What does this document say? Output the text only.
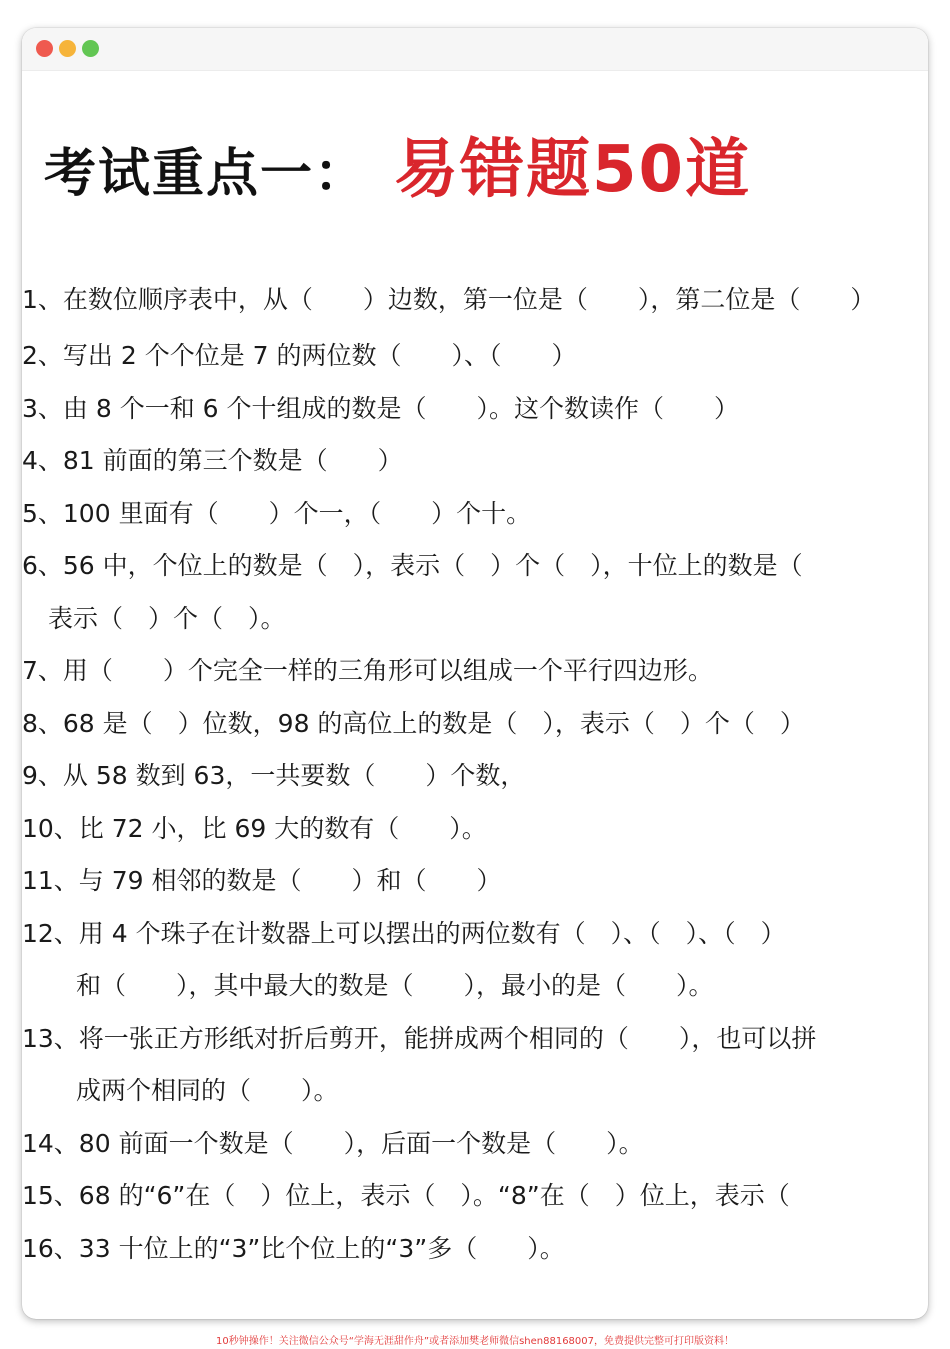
考试重点一： 易错题50道
1、在数位顺序表中，从（　　）边数，第一位是（　　），第二位是（　　）
2、写出 2 个个位是 7 的两位数（　　）、（　　）
3、由 8 个一和 6 个十组成的数是（　　）。这个数读作（　　）
4、81 前面的第三个数是（　　）
5、100 里面有（　　）个一，（　　）个十。
6、56 中，个位上的数是（　），表示（　）个（　），十位上的数是（
表示（　）个（　）。
7、用（　　）个完全一样的三角形可以组成一个平行四边形。
8、68 是（　）位数，98 的高位上的数是（　），表示（　）个（　）
9、从 58 数到 63，一共要数（　　）个数，
10、比 72 小，比 69 大的数有（　　）。
11、与 79 相邻的数是（　　）和（　　）
12、用 4 个珠子在计数器上可以摆出的两位数有（　）、（　）、（　）
和（　　），其中最大的数是（　　），最小的是（　　）。
13、将一张正方形纸对折后剪开，能拼成两个相同的（　　），也可以拼
成两个相同的（　　）。
14、80 前面一个数是（　　），后面一个数是（　　）。
15、68 的“6”在（　）位上，表示（　）。“8”在（　）位上，表示（
16、33 十位上的“3”比个位上的“3”多（　　）。
10秒钟操作！关注微信公众号“学海无涯甜作舟”或者添加樊老师微信shen88168007，免费提供完整可打印版资料！
